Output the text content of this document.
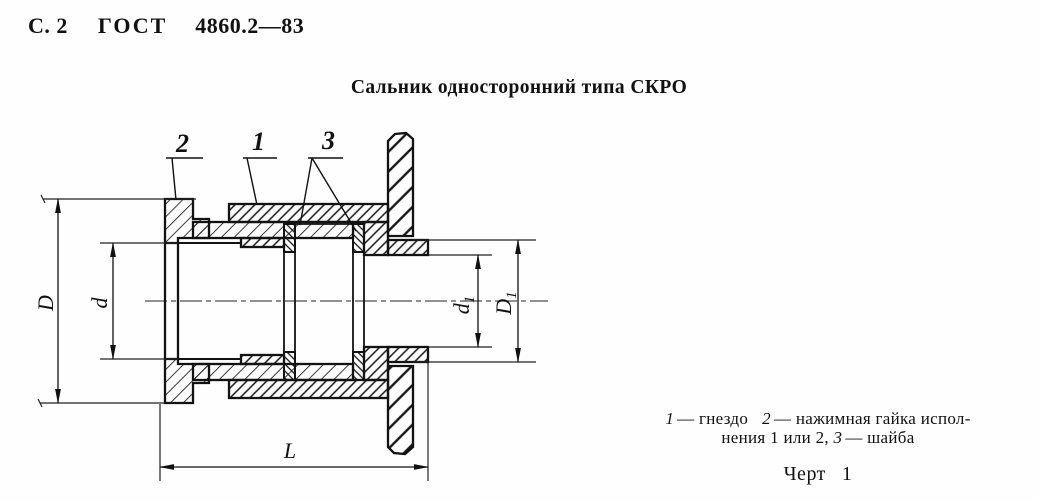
С. 2 ГОСТ 4860.2—83
Сальник односторонний типа СКРО
D d
$d_1$ $D_1$
L
2 1 3
1 — гнездо 2 — нажимная гайка испол-
нения 1 или 2, 3 — шайба
Черт 1
